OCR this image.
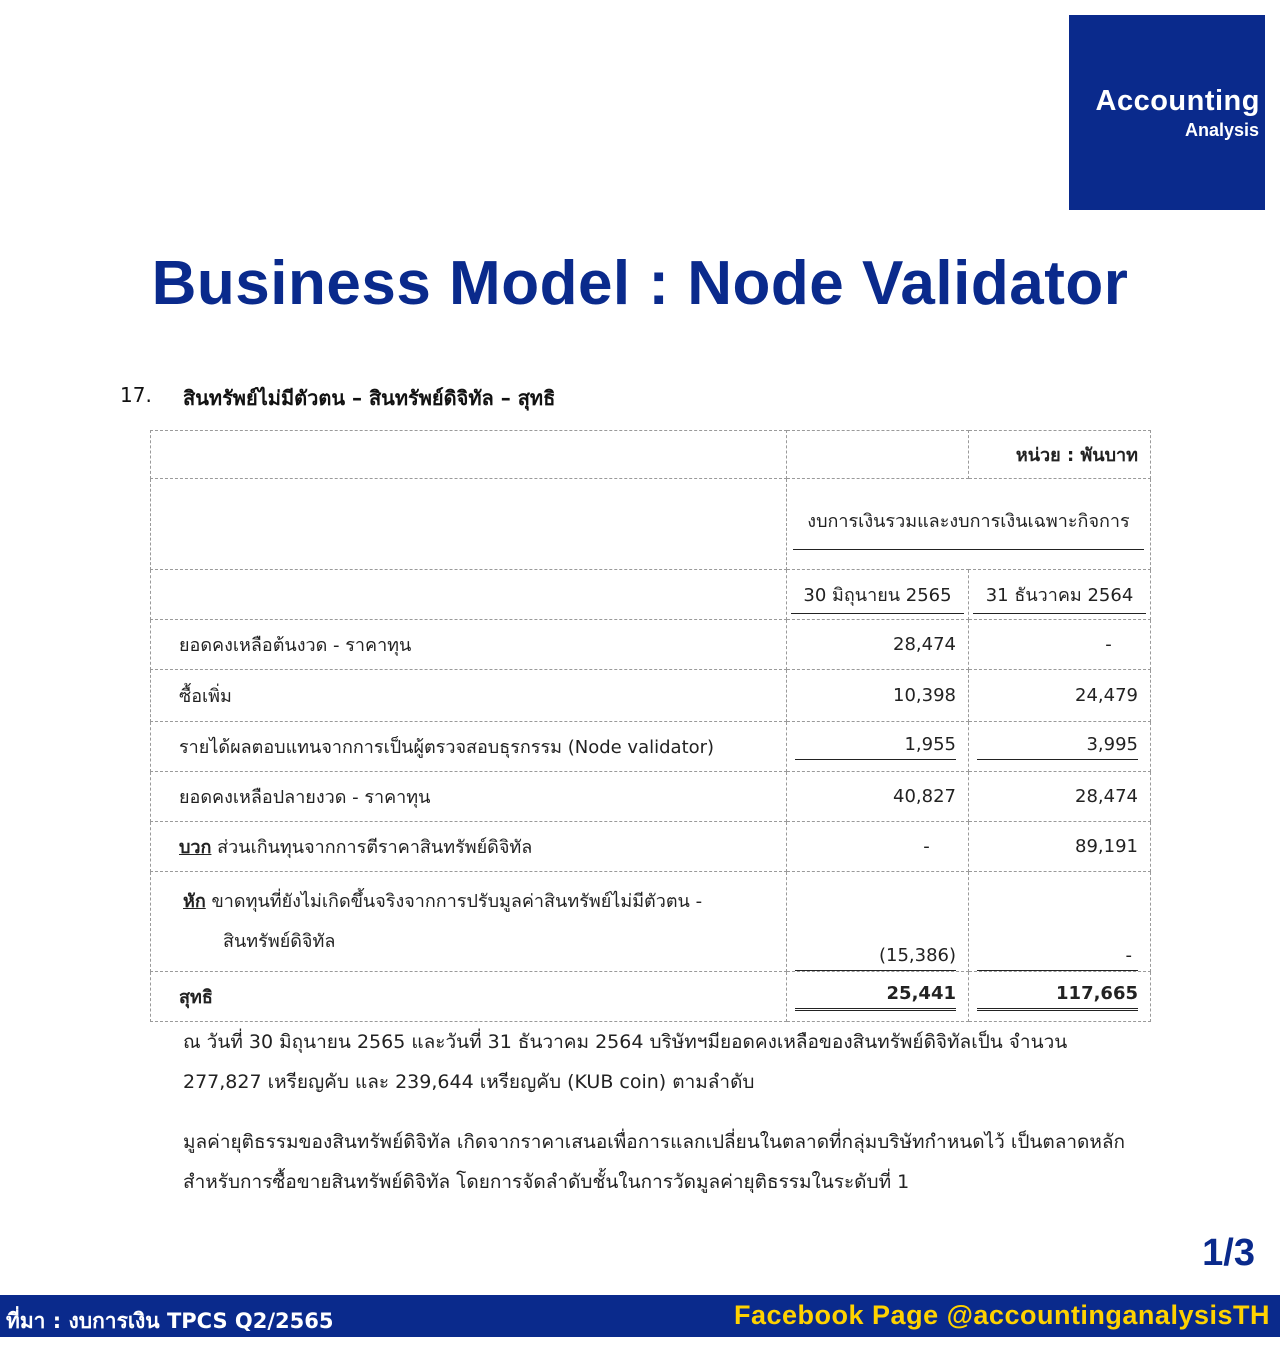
Accounting
Analysis
Business Model : Node Validator
17. สินทรัพย์ไม่มีตัวตน – สินทรัพย์ดิจิทัล – สุทธิ
		หน่วย : พันบาท

	งบการเงินรวมและงบการเงินเฉพาะกิจการ	

	30 มิถุนายน 2565	31 ธันวาคม 2564

ยอดคงเหลือต้นงวด - ราคาทุน	28,474	-
ซื้อเพิ่ม	10,398	24,479
รายได้ผลตอบแทนจากการเป็นผู้ตรวจสอบธุรกรรม (Node validator)	1,955	3,995

ยอดคงเหลือปลายงวด - ราคาทุน	40,827	28,474
บวก ส่วนเกินทุนจากการตีราคาสินทรัพย์ดิจิทัล	-	89,191
หัก ขาดทุนที่ยังไม่เกิดขึ้นจริงจากการปรับมูลค่าสินทรัพย์ไม่มีตัวตน -
สินทรัพย์ดิจิทัล	(15,386)	-

สุทธิ	25,441	117,665

ณ วันที่ 30 มิถุนายน 2565 และวันที่ 31 ธันวาคม 2564 บริษัทฯมียอดคงเหลือของสินทรัพย์ดิจิทัลเป็น จำนวน 277,827 เหรียญคับ และ 239,644 เหรียญคับ (KUB coin) ตามลำดับ

มูลค่ายุติธรรมของสินทรัพย์ดิจิทัล เกิดจากราคาเสนอเพื่อการแลกเปลี่ยนในตลาดที่กลุ่มบริษัทกำหนดไว้ เป็นตลาดหลักสำหรับการซื้อขายสินทรัพย์ดิจิทัล โดยการจัดลำดับชั้นในการวัดมูลค่ายุติธรรมในระดับที่ 1

1/3
ที่มา : งบการเงิน TPCS Q2/2565	Facebook Page @accountinganalysisTH
